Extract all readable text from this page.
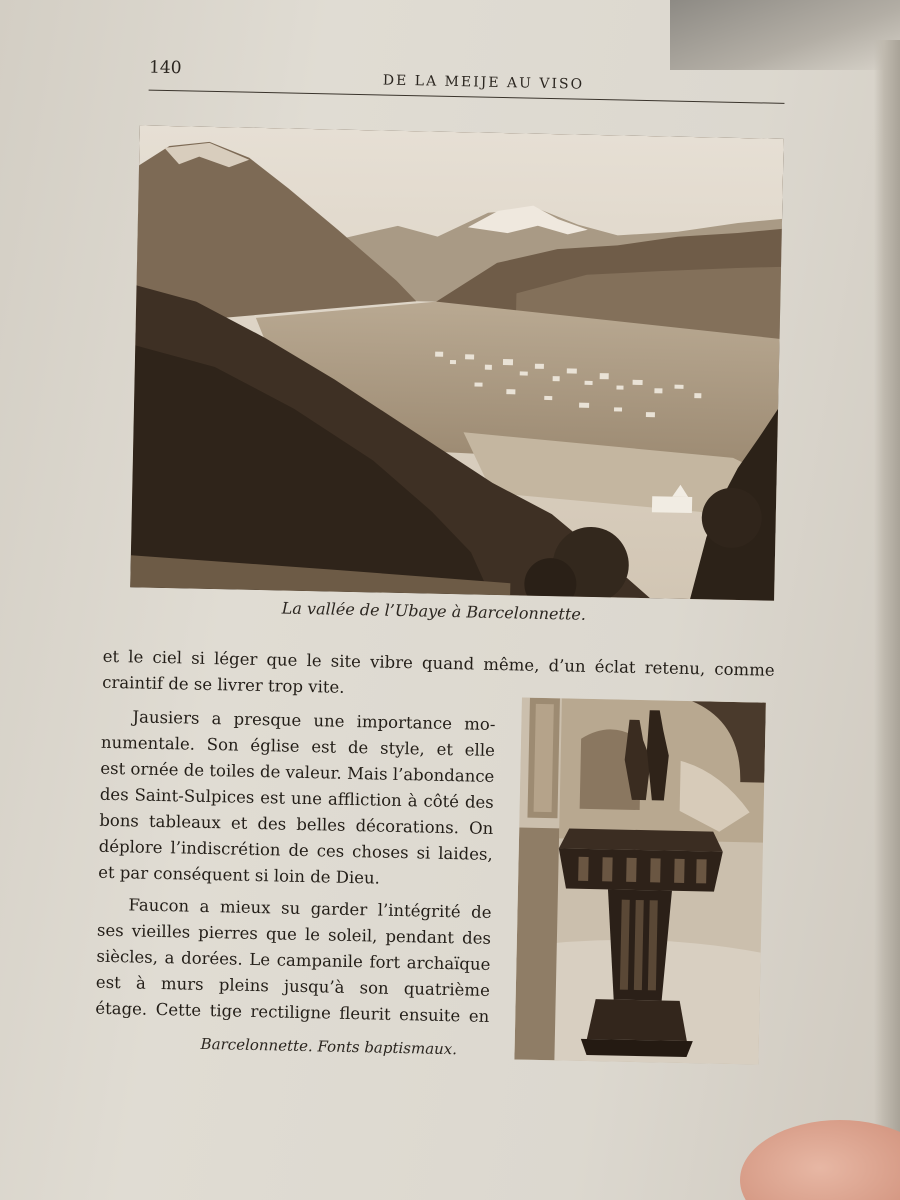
140
DE LA MEIJE AU VISO
La vallée de l’Ubaye à Barcelonnette.
et le ciel si léger que le site vibre quand même, d’un éclat retenu, comme
craintif de se livrer trop vite.
Jausiers a presque une importance mo-
numentale. Son église est de style, et elle
est ornée de toiles de valeur. Mais l’abondance
des Saint-Sulpices est une affliction à côté des
bons tableaux et des belles décorations. On
déplore l’indiscrétion de ces choses si laides,
et par conséquent si loin de Dieu.
Faucon a mieux su garder l’intégrité de
ses vieilles pierres que le soleil, pendant des
siècles, a dorées. Le campanile fort archaïque
est à murs pleins jusqu’à son quatrième
étage. Cette tige rectiligne fleurit ensuite en
Barcelonnette. Fonts baptismaux.
